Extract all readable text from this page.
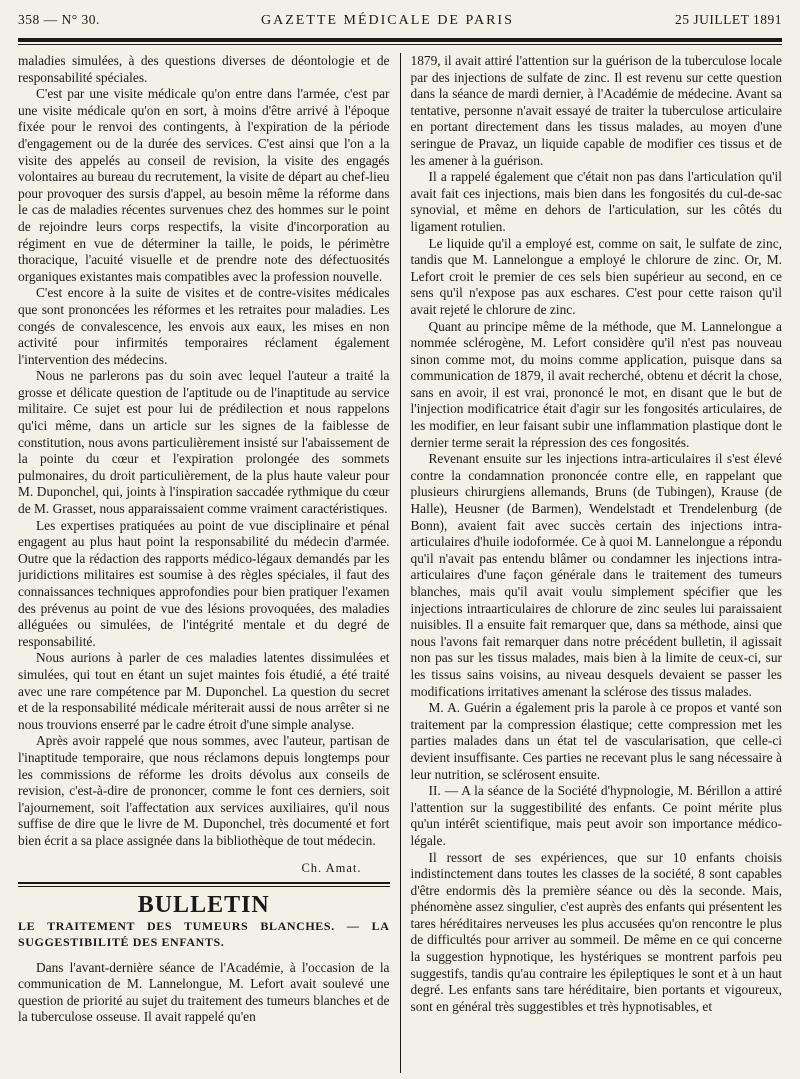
358 — N° 30.	GAZETTE MÉDICALE DE PARIS	25 JUILLET 1891

maladies simulées, à des questions diverses de déontologie et de responsabilité spéciales.

C'est par une visite médicale qu'on entre dans l'armée, c'est par une visite médicale qu'on en sort, à moins d'être arrivé à l'époque fixée pour le renvoi des contingents, à l'expiration de la période d'engagement ou de la durée des services. C'est ainsi que l'on a la visite des appelés au conseil de revision, la visite des engagés volontaires au bureau du recrutement, la visite de départ au chef-lieu pour provoquer des sursis d'appel, au besoin même la réforme dans le cas de maladies récentes survenues chez des hommes sur le point de rejoindre leurs corps respectifs, la visite d'incorporation au régiment en vue de déterminer la taille, le poids, le périmètre thoracique, l'acuité visuelle et de prendre note des défectuosités organiques existantes mais compatibles avec la profession nouvelle.

C'est encore à la suite de visites et de contre-visites médicales que sont prononcées les réformes et les retraites pour maladies. Les congés de convalescence, les envois aux eaux, les mises en non activité pour infirmités temporaires réclament également l'intervention des médecins.

Nous ne parlerons pas du soin avec lequel l'auteur a traité la grosse et délicate question de l'aptitude ou de l'inaptitude au service militaire. Ce sujet est pour lui de prédilection et nous rappelons qu'ici même, dans un article sur les signes de la faiblesse de constitution, nous avons particulièrement insisté sur l'abaissement de la pointe du cœur et l'expiration prolongée des sommets pulmonaires, du droit particulièrement, de la plus haute valeur pour M. Duponchel, qui, joints à l'inspiration saccadée rythmique du cœur de M. Grasset, nous apparaissaient comme vraiment caractéristiques.

Les expertises pratiquées au point de vue disciplinaire et pénal engagent au plus haut point la responsabilité du médecin d'armée. Outre que la rédaction des rapports médico-légaux demandés par les juridictions militaires est soumise à des règles spéciales, il faut des connaissances techniques approfondies pour bien pratiquer l'examen des prévenus au point de vue des lésions provoquées, des maladies alléguées ou simulées, de l'intégrité mentale et du degré de responsabilité.

Nous aurions à parler de ces maladies latentes dissimulées et simulées, qui tout en étant un sujet maintes fois étudié, a été traité avec une rare compétence par M. Duponchel. La question du secret et de la responsabilité médicale mériterait aussi de nous arrêter si ne nous trouvions enserré par le cadre étroit d'une simple analyse.

Après avoir rappelé que nous sommes, avec l'auteur, partisan de l'inaptitude temporaire, que nous réclamons depuis longtemps pour les commissions de réforme les droits dévolus aux conseils de revision, c'est-à-dire de prononcer, comme le font ces derniers, soit l'ajournement, soit l'affectation aux services auxiliaires, qu'il nous suffise de dire que le livre de M. Duponchel, très documenté et fort bien écrit a sa place assignée dans la bibliothèque de tout médecin.

Ch. Amat.
BULLETIN
LE TRAITEMENT DES TUMEURS BLANCHES. — LA SUGGESTIBILITÉ DES ENFANTS.

Dans l'avant-dernière séance de l'Académie, à l'occasion de la communication de M. Lannelongue, M. Lefort avait soulevé une question de priorité au sujet du traitement des tumeurs blanches et de la tuberculose osseuse. Il avait rappelé qu'en

1879, il avait attiré l'attention sur la guérison de la tuberculose locale par des injections de sulfate de zinc. Il est revenu sur cette question dans la séance de mardi dernier, à l'Académie de médecine. Avant sa tentative, personne n'avait essayé de traiter la tuberculose articulaire en portant directement dans les tissus malades, au moyen d'une seringue de Pravaz, un liquide capable de modifier ces tissus et de les amener à la guérison.

Il a rappelé également que c'était non pas dans l'articulation qu'il avait fait ces injections, mais bien dans les fongosités du cul-de-sac synovial, et même en dehors de l'articulation, sur les côtés du ligament rotulien.

Le liquide qu'il a employé est, comme on sait, le sulfate de zinc, tandis que M. Lannelongue a employé le chlorure de zinc. Or, M. Lefort croit le premier de ces sels bien supérieur au second, en ce sens qu'il n'expose pas aux eschares. C'est pour cette raison qu'il avait rejeté le chlorure de zinc.

Quant au principe même de la méthode, que M. Lannelongue a nommée sclérogène, M. Lefort considère qu'il n'est pas nouveau sinon comme mot, du moins comme application, puisque dans sa communication de 1879, il avait recherché, obtenu et décrit la chose, sans en avoir, il est vrai, prononcé le mot, en disant que le but de l'injection modificatrice était d'agir sur les fongosités articulaires, de les modifier, en leur faisant subir une inflammation plastique dont le dernier terme serait la répression des ces fongosités.

Revenant ensuite sur les injections intra-articulaires il s'est élevé contre la condamnation prononcée contre elle, en rappelant que plusieurs chirurgiens allemands, Bruns (de Tubingen), Krause (de Halle), Heusner (de Barmen), Wendelstadt et Trendelenburg (de Bonn), avaient fait avec succès certain des injections intra-articulaires d'huile iodoformée. Ce à quoi M. Lannelongue a répondu qu'il n'avait pas entendu blâmer ou condamner les injections intra-articulaires d'une façon générale dans le traitement des tumeurs blanches, mais qu'il avait voulu simplement spécifier que les injections intraarticulaires de chlorure de zinc seules lui paraissaient nuisibles. Il a ensuite fait remarquer que, dans sa méthode, ainsi que nous l'avons fait remarquer dans notre précédent bulletin, il agissait non pas sur les tissus malades, mais bien à la limite de ceux-ci, sur les tissus sains voisins, au niveau desquels devaient se passer les modifications irritatives amenant la sclérose des tissus malades.

M. A. Guérin a également pris la parole à ce propos et vanté son traitement par la compression élastique; cette compression met les parties malades dans un état tel de vascularisation, que celle-ci devient insuffisante. Ces parties ne recevant plus le sang nécessaire à leur nutrition, se sclérosent ensuite.

II. — A la séance de la Société d'hypnologie, M. Bérillon a attiré l'attention sur la suggestibilité des enfants. Ce point mérite plus qu'un intérêt scientifique, mais peut avoir son importance médico-légale.

Il ressort de ses expériences, que sur 10 enfants choisis indistinctement dans toutes les classes de la société, 8 sont capables d'être endormis dès la première séance ou dès la seconde. Mais, phénomène assez singulier, c'est auprès des enfants qui présentent les tares héréditaires nerveuses les plus accusées qu'on rencontre le plus de difficultés pour arriver au sommeil. De même en ce qui concerne la suggestion hypnotique, les hystériques se montrent parfois peu suggestifs, tandis qu'au contraire les épileptiques le sont et à un haut degré. Les enfants sans tare héréditaire, bien portants et vigoureux, sont en général très suggestibles et très hypnotisables, et
